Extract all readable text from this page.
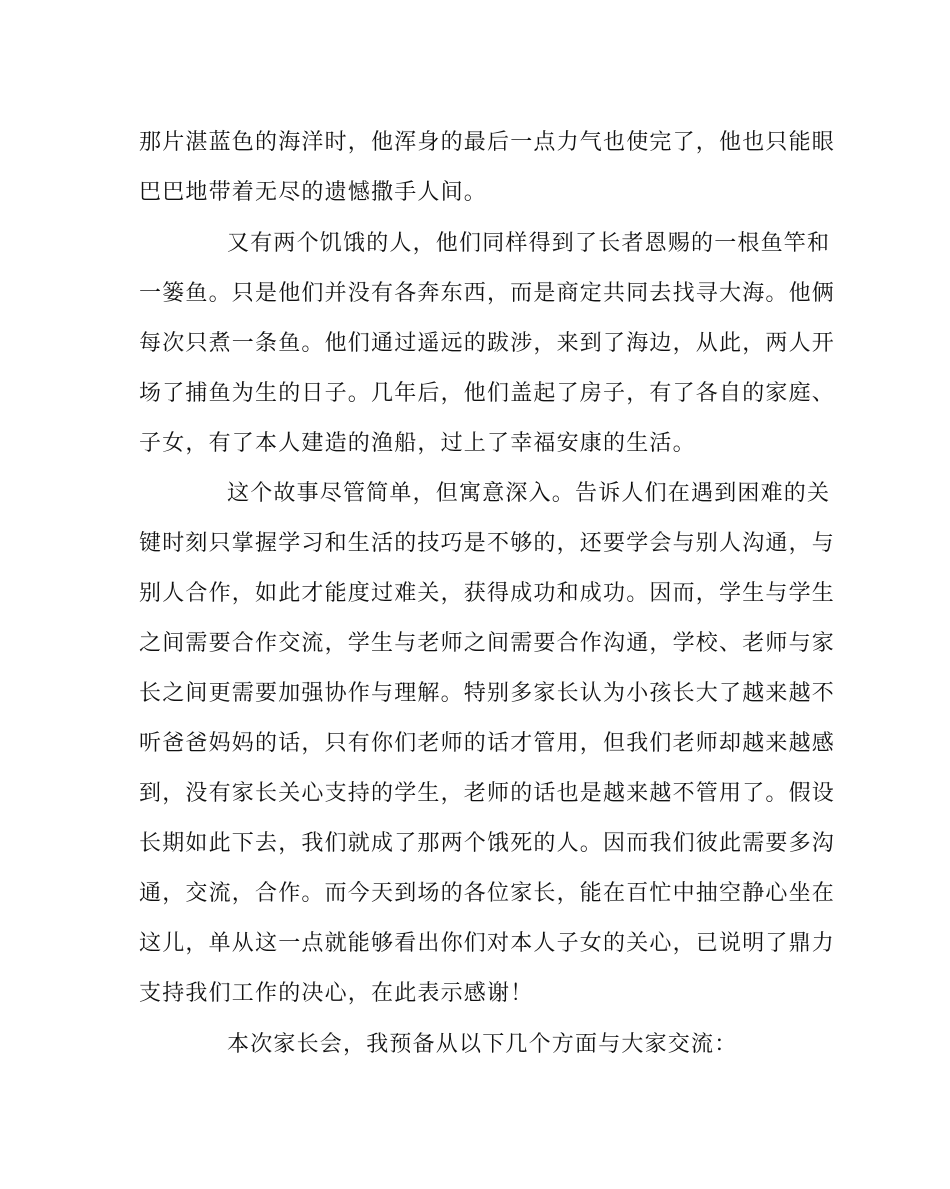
那片湛蓝色的海洋时，他浑身的最后一点力气也使完了，他也只能眼
巴巴地带着无尽的遗憾撒手人间。
又有两个饥饿的人，他们同样得到了长者恩赐的一根鱼竿和
一篓鱼。只是他们并没有各奔东西，而是商定共同去找寻大海。他俩
每次只煮一条鱼。他们通过遥远的跋涉，来到了海边，从此，两人开
场了捕鱼为生的日子。几年后，他们盖起了房子，有了各自的家庭、
子女，有了本人建造的渔船，过上了幸福安康的生活。
这个故事尽管简单，但寓意深入。告诉人们在遇到困难的关
键时刻只掌握学习和生活的技巧是不够的，还要学会与别人沟通，与
别人合作，如此才能度过难关，获得成功和成功。因而，学生与学生
之间需要合作交流，学生与老师之间需要合作沟通，学校、老师与家
长之间更需要加强协作与理解。特别多家长认为小孩长大了越来越不
听爸爸妈妈的话，只有你们老师的话才管用，但我们老师却越来越感
到，没有家长关心支持的学生，老师的话也是越来越不管用了。假设
长期如此下去，我们就成了那两个饿死的人。因而我们彼此需要多沟
通，交流，合作。而今天到场的各位家长，能在百忙中抽空静心坐在
这儿，单从这一点就能够看出你们对本人子女的关心，已说明了鼎力
支持我们工作的决心，在此表示感谢！
本次家长会，我预备从以下几个方面与大家交流：
